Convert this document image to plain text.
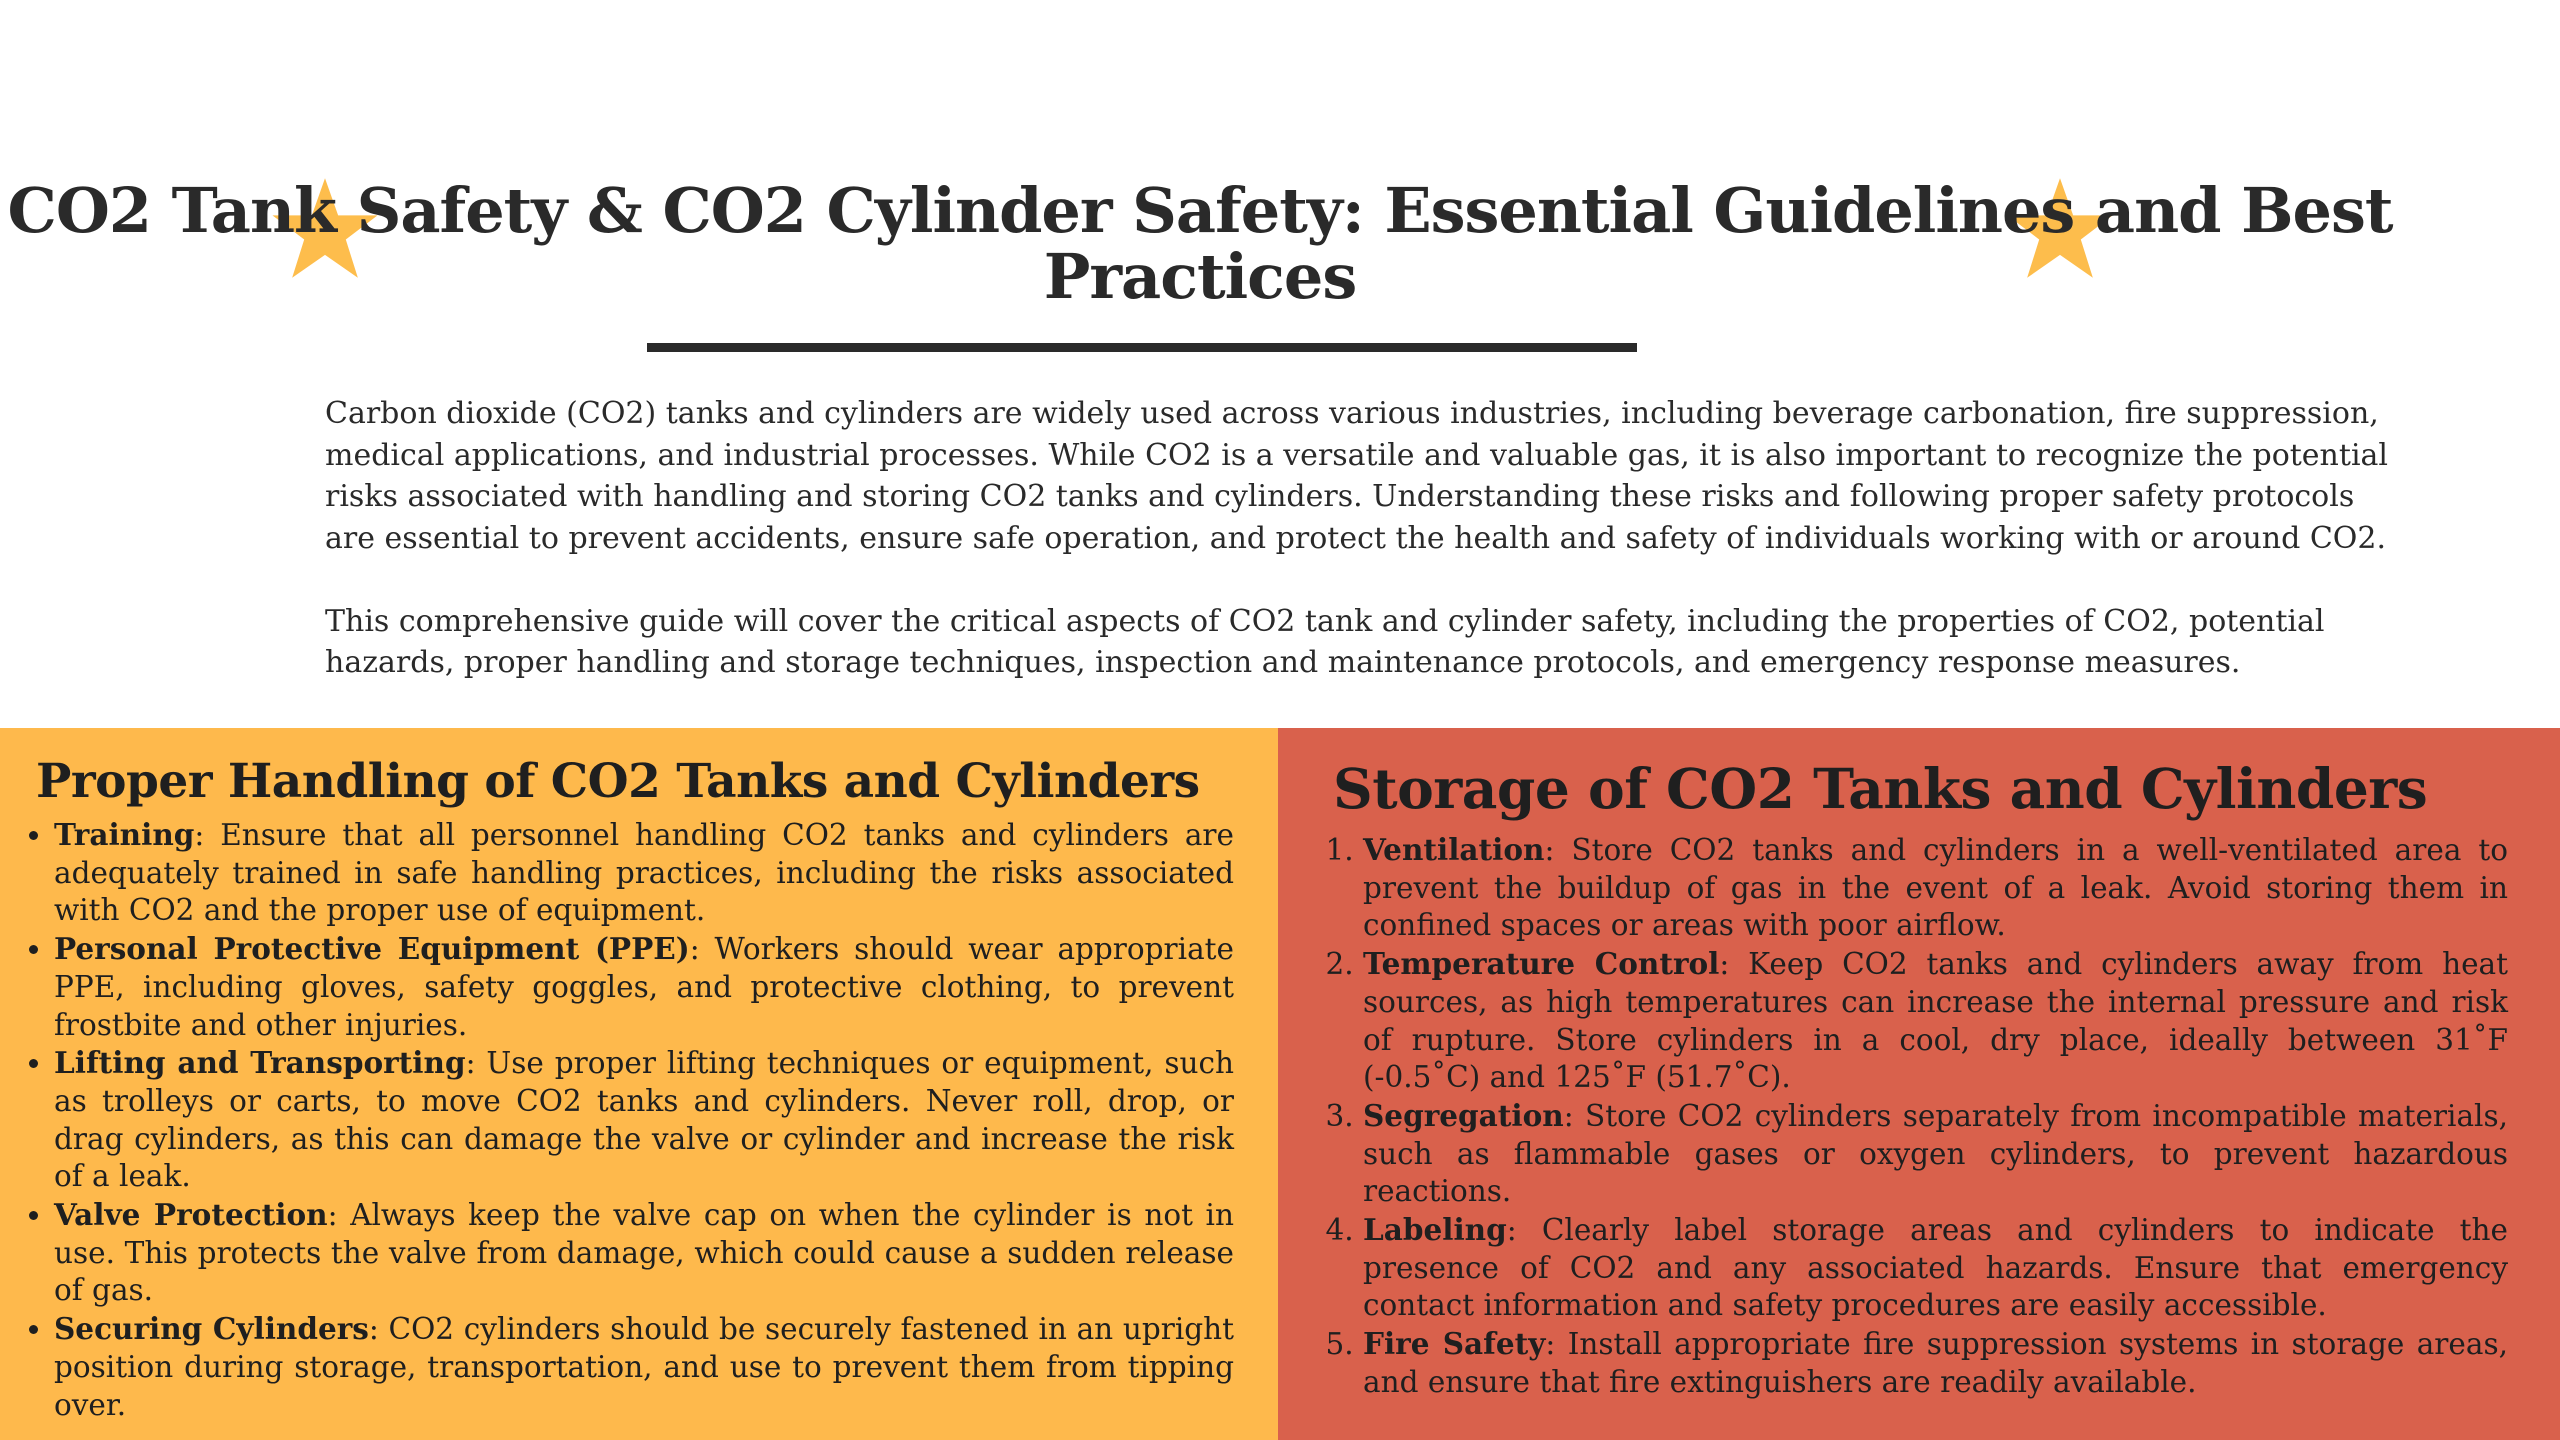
CO2 Tank Safety & CO2 Cylinder Safety: Essential Guidelines and Best Practices

Carbon dioxide (CO2) tanks and cylinders are widely used across various industries, including beverage carbonation, fire suppression, medical applications, and industrial processes. While CO2 is a versatile and valuable gas, it is also important to recognize the potential risks associated with handling and storing CO2 tanks and cylinders. Understanding these risks and following proper safety protocols are essential to prevent accidents, ensure safe operation, and protect the health and safety of individuals working with or around CO2.

This comprehensive guide will cover the critical aspects of CO2 tank and cylinder safety, including the properties of CO2, potential hazards, proper handling and storage techniques, inspection and maintenance protocols, and emergency response measures.

Proper Handling of CO2 Tanks and Cylinders
• Training: Ensure that all personnel handling CO2 tanks and cylinders are adequately trained in safe handling practices, including the risks associated with CO2 and the proper use of equipment.
• Personal Protective Equipment (PPE): Workers should wear appropriate PPE, including gloves, safety goggles, and protective clothing, to prevent frostbite and other injuries.
• Lifting and Transporting: Use proper lifting techniques or equipment, such as trolleys or carts, to move CO2 tanks and cylinders. Never roll, drop, or drag cylinders, as this can damage the valve or cylinder and increase the risk of a leak.
• Valve Protection: Always keep the valve cap on when the cylinder is not in use. This protects the valve from damage, which could cause a sudden release of gas.
• Securing Cylinders: CO2 cylinders should be securely fastened in an upright position during storage, transportation, and use to prevent them from tipping over.
Storage of CO2 Tanks and Cylinders
1. Ventilation: Store CO2 tanks and cylinders in a well-ventilated area to prevent the buildup of gas in the event of a leak. Avoid storing them in confined spaces or areas with poor airflow.
2. Temperature Control: Keep CO2 tanks and cylinders away from heat sources, as high temperatures can increase the internal pressure and risk of rupture. Store cylinders in a cool, dry place, ideally between 31˚F (-0.5˚C) and 125˚F (51.7˚C).
3. Segregation: Store CO2 cylinders separately from incompatible materials, such as flammable gases or oxygen cylinders, to prevent hazardous reactions.
4. Labeling: Clearly label storage areas and cylinders to indicate the presence of CO2 and any associated hazards. Ensure that emergency contact information and safety procedures are easily accessible.
5. Fire Safety: Install appropriate fire suppression systems in storage areas, and ensure that fire extinguishers are readily available.
